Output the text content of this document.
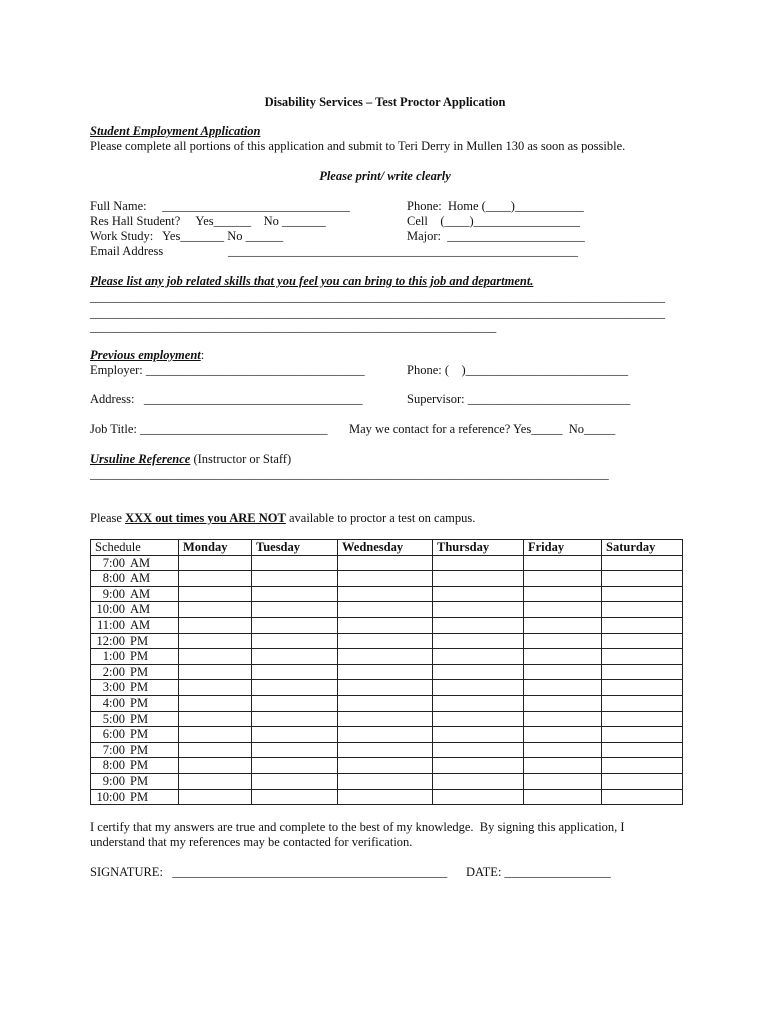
Disability Services – Test Proctor Application
Student Employment Application
Please complete all portions of this application and submit to Teri Derry in Mullen 130 as soon as possible.
Please print/ write clearly
Full Name:     ______________________________
Res Hall Student?     Yes______    No _______
Work Study:   Yes_______ No ______
Email Address	________________________________________________________
Phone:  Home (____)___________
Cell    (____)_________________
Major:  ______________________
Please list any job related skills that you feel you can bring to this job and department.
____________________________________________________________________________________________
____________________________________________________________________________________________
_________________________________________________________________
Previous employment:
Employer: ___________________________________	Phone: (    )__________________________
Address:   ___________________________________	Supervisor: __________________________
Job Title: ______________________________ May we contact for a reference? Yes_____  No_____
Ursuline Reference (Instructor or Staff)
___________________________________________________________________________________
Please XXX out times you ARE NOT available to proctor a test on campus.
Schedule	Monday	Tuesday	Wednesday	Thursday	Friday	Saturday
7:00 AM						
8:00 AM						
9:00 AM						
10:00 AM						
11:00 AM						
12:00 PM						
1:00 PM						
2:00 PM						
3:00 PM						
4:00 PM						
5:00 PM						
6:00 PM						
7:00 PM						
8:00 PM						
9:00 PM						
10:00 PM						
I certify that my answers are true and complete to the best of my knowledge.  By signing this application, I
understand that my references may be contacted for verification.
SIGNATURE:   ____________________________________________ DATE: _________________
